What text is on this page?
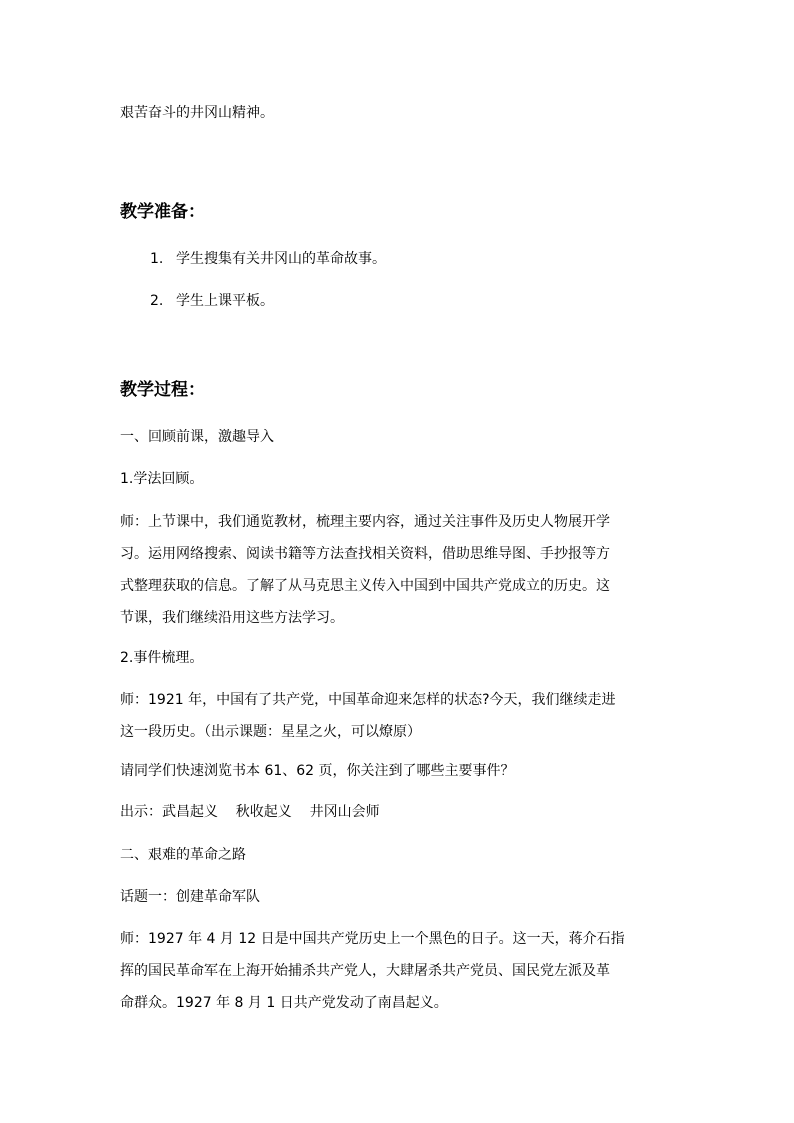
艰苦奋斗的井冈山精神。
教学准备：
1. 学生搜集有关井冈山的革命故事。
2. 学生上课平板。
教学过程：
一、回顾前课，激趣导入
1.学法回顾。
师：上节课中，我们通览教材，梳理主要内容，通过关注事件及历史人物展开学
习。运用网络搜索、阅读书籍等方法查找相关资料，借助思维导图、手抄报等方
式整理获取的信息。了解了从马克思主义传入中国到中国共产党成立的历史。这
节课，我们继续沿用这些方法学习。
2.事件梳理。
师：1921 年，中国有了共产党，中国革命迎来怎样的状态?今天，我们继续走进
这一段历史。（出示课题：星星之火，可以燎原）
请同学们快速浏览书本 61、62 页，你关注到了哪些主要事件？
出示：武昌起义    秋收起义    井冈山会师
二、艰难的革命之路
话题一：创建革命军队
师：1927 年 4 月 12 日是中国共产党历史上一个黑色的日子。这一天，蒋介石指
挥的国民革命军在上海开始捕杀共产党人，大肆屠杀共产党员、国民党左派及革
命群众。1927 年 8 月 1 日共产党发动了南昌起义。
